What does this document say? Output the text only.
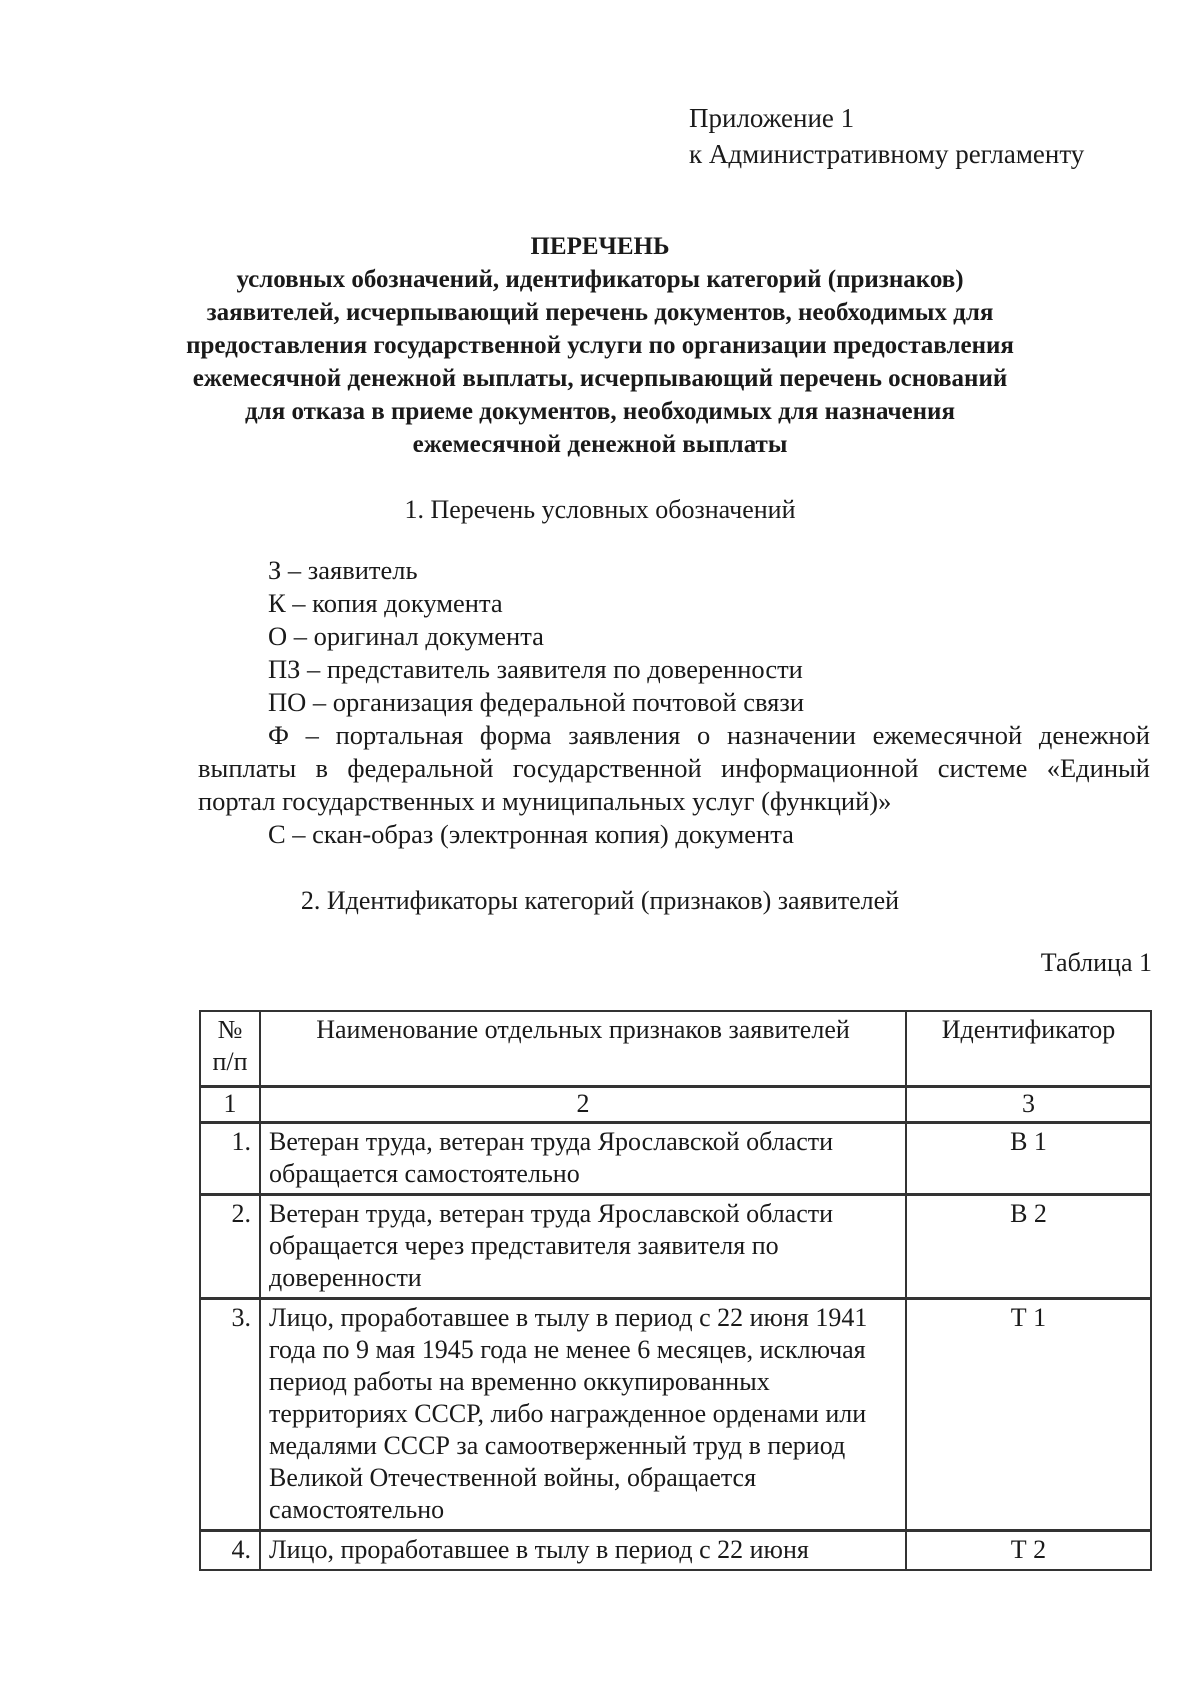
Приложение 1
к Административному регламенту
ПЕРЕЧЕНЬ
условных обозначений, идентификаторы категорий (признаков)
заявителей, исчерпывающий перечень документов, необходимых для
предоставления государственной услуги по организации предоставления
ежемесячной денежной выплаты, исчерпывающий перечень оснований
для отказа в приеме документов, необходимых для назначения
ежемесячной денежной выплаты
1. Перечень условных обозначений
З – заявитель
К – копия документа
О – оригинал документа
ПЗ – представитель заявителя по доверенности
ПО – организация федеральной почтовой связи
Ф – портальная форма заявления о назначении ежемесячной денежной выплаты в федеральной государственной информационной системе «Единый портал государственных и муниципальных услуг (функций)»
С – скан-образ (электронная копия) документа
2. Идентификаторы категорий (признаков) заявителей
Таблица 1
№ п/п	Наименование отдельных признаков заявителей	Идентификатор
1	2	3
1.	Ветеран труда, ветеран труда Ярославской области обращается самостоятельно	В 1
2.	Ветеран труда, ветеран труда Ярославской области обращается через представителя заявителя по доверенности	В 2
3.	Лицо, проработавшее в тылу в период с 22 июня 1941 года по 9 мая 1945 года не менее 6 месяцев, исключая период работы на временно оккупированных территориях СССР, либо награжденное орденами или медалями СССР за самоотверженный труд в период Великой Отечественной войны, обращается самостоятельно	Т 1
4.	Лицо, проработавшее в тылу в период с 22 июня	Т 2
